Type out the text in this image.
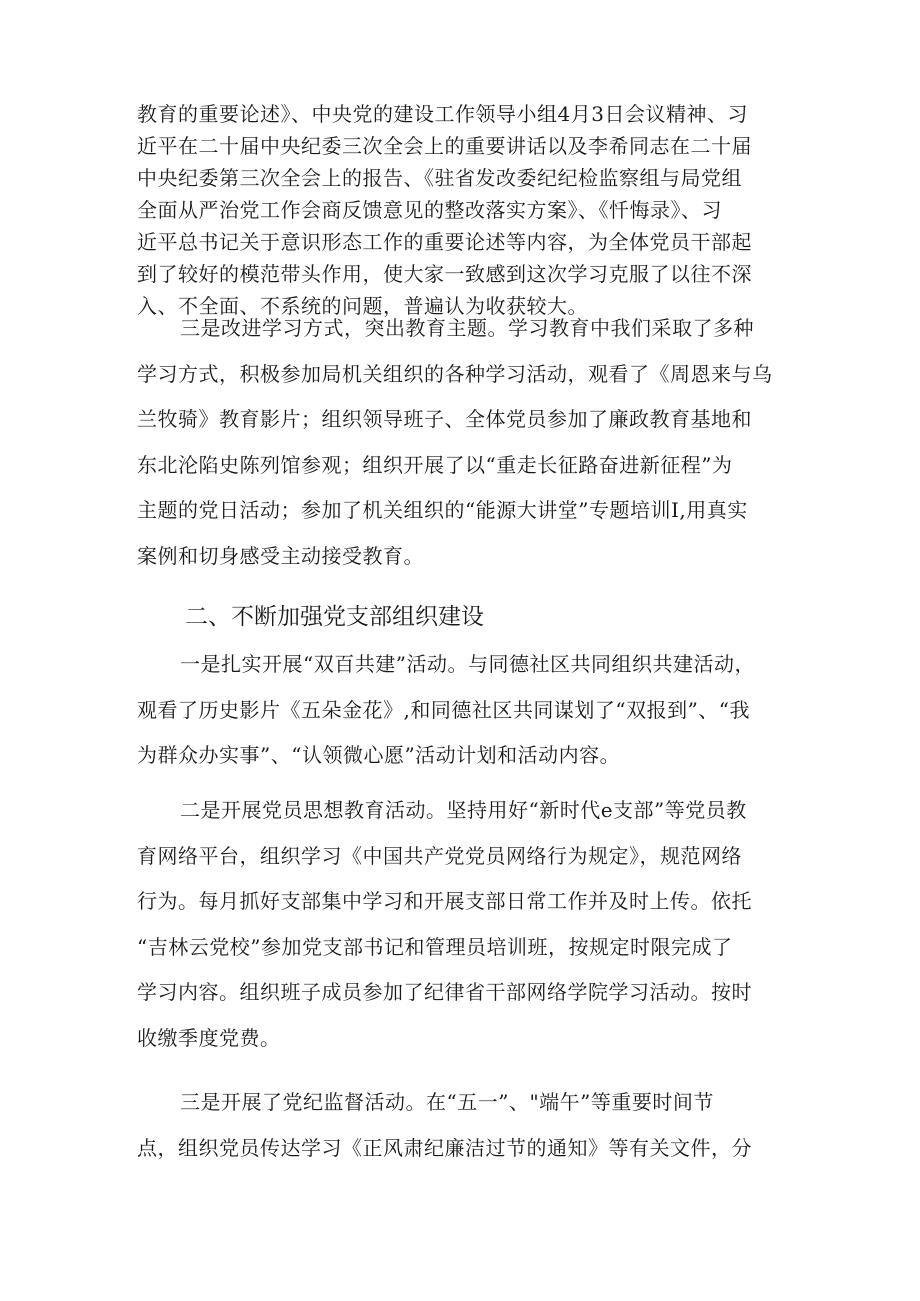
教育的重要论述》、中央党的建设工作领导小组4月3日会议精神、习
近平在二十届中央纪委三次全会上的重要讲话以及李希同志在二十届
中央纪委第三次全会上的报告、《驻省发改委纪纪检监察组与局党组
全面从严治党工作会商反馈意见的整改落实方案》、《忏悔录》、习
近平总书记关于意识形态工作的重要论述等内容，为全体党员干部起
到了较好的模范带头作用，使大家一致感到这次学习克服了以往不深
入、不全面、不系统的问题，普遍认为收获较大。
三是改进学习方式，突出教育主题。学习教育中我们采取了多种
学习方式，积极参加局机关组织的各种学习活动，观看了《周恩来与乌
兰牧骑》教育影片；组织领导班子、全体党员参加了廉政教育基地和
东北沦陷史陈列馆参观；组织开展了以“重走长征路奋进新征程”为
主题的党日活动；参加了机关组织的“能源大讲堂”专题培训I,用真实
案例和切身感受主动接受教育。
二、不断加强党支部组织建设
一是扎实开展“双百共建”活动。与同德社区共同组织共建活动，
观看了历史影片《五朵金花》,和同德社区共同谋划了“双报到”、“我
为群众办实事”、“认领微心愿”活动计划和活动内容。
二是开展党员思想教育活动。坚持用好“新时代e支部”等党员教
育网络平台，组织学习《中国共产党党员网络行为规定》，规范网络
行为。每月抓好支部集中学习和开展支部日常工作并及时上传。依托
“吉林云党校”参加党支部书记和管理员培训班，按规定时限完成了
学习内容。组织班子成员参加了纪律省干部网络学院学习活动。按时
收缴季度党费。
三是开展了党纪监督活动。在“五一”、"端午”等重要时间节
点，组织党员传达学习《正风肃纪廉洁过节的通知》等有关文件，分
